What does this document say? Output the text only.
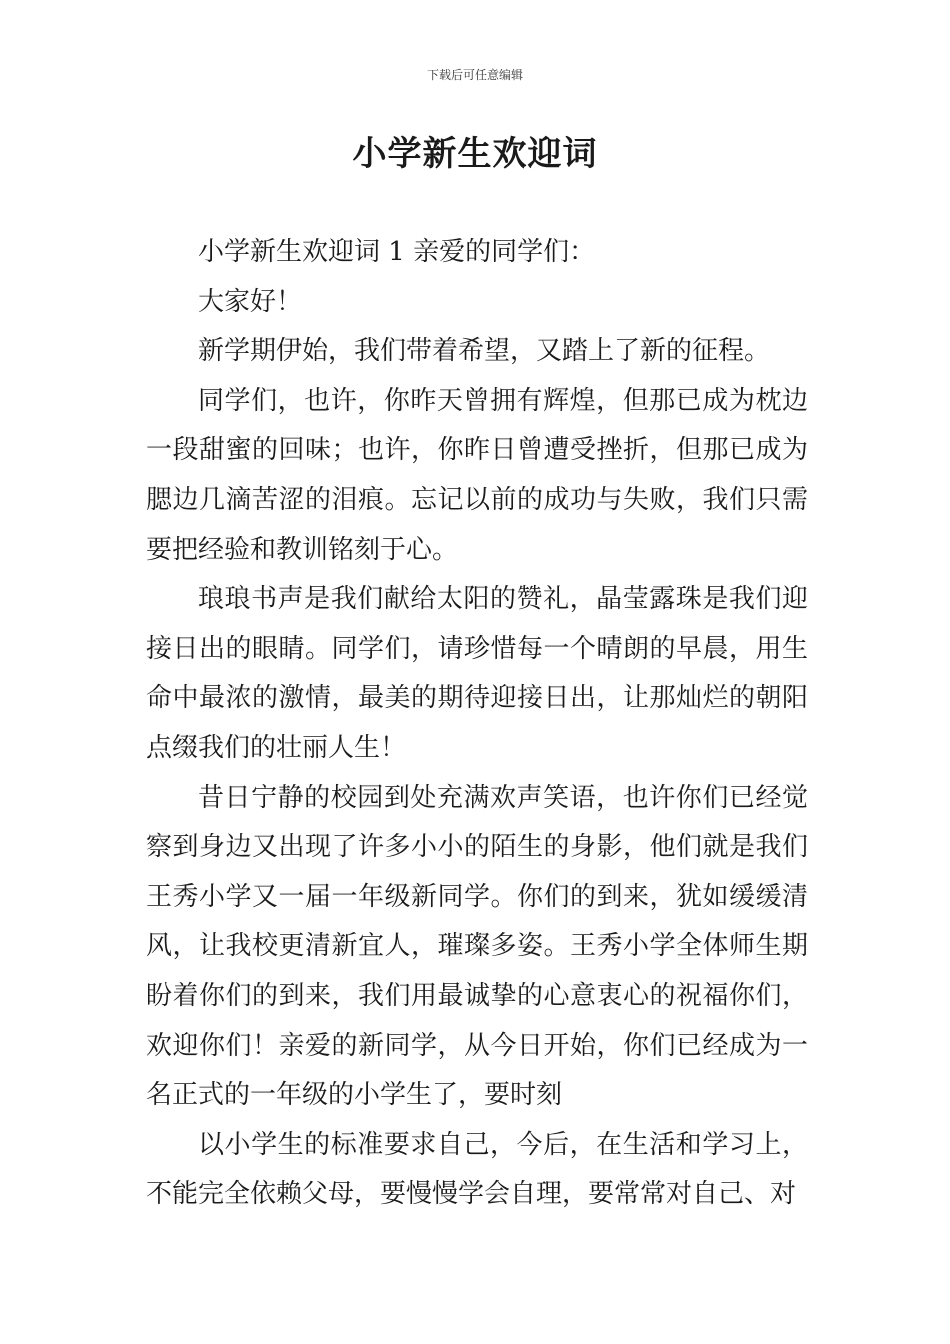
下载后可任意编辑
小学新生欢迎词

小学新生欢迎词 1 亲爱的同学们：

大家好！

新学期伊始，我们带着希望，又踏上了新的征程。

同学们，也许，你昨天曾拥有辉煌，但那已成为枕边一段甜蜜的回味；也许，你昨日曾遭受挫折，但那已成为腮边几滴苦涩的泪痕。忘记以前的成功与失败，我们只需要把经验和教训铭刻于心。

琅琅书声是我们献给太阳的赞礼，晶莹露珠是我们迎接日出的眼睛。同学们，请珍惜每一个晴朗的早晨，用生命中最浓的激情，最美的期待迎接日出，让那灿烂的朝阳点缀我们的壮丽人生！

昔日宁静的校园到处充满欢声笑语，也许你们已经觉察到身边又出现了许多小小的陌生的身影，他们就是我们王秀小学又一届一年级新同学。你们的到来，犹如缓缓清风，让我校更清新宜人，璀璨多姿。王秀小学全体师生期盼着你们的到来，我们用最诚挚的心意衷心的祝福你们，欢迎你们！亲爱的新同学，从今日开始，你们已经成为一名正式的一年级的小学生了，要时刻

以小学生的标准要求自己，今后，在生活和学习上，不能完全依赖父母，要慢慢学会自理，要常常对自己、对
